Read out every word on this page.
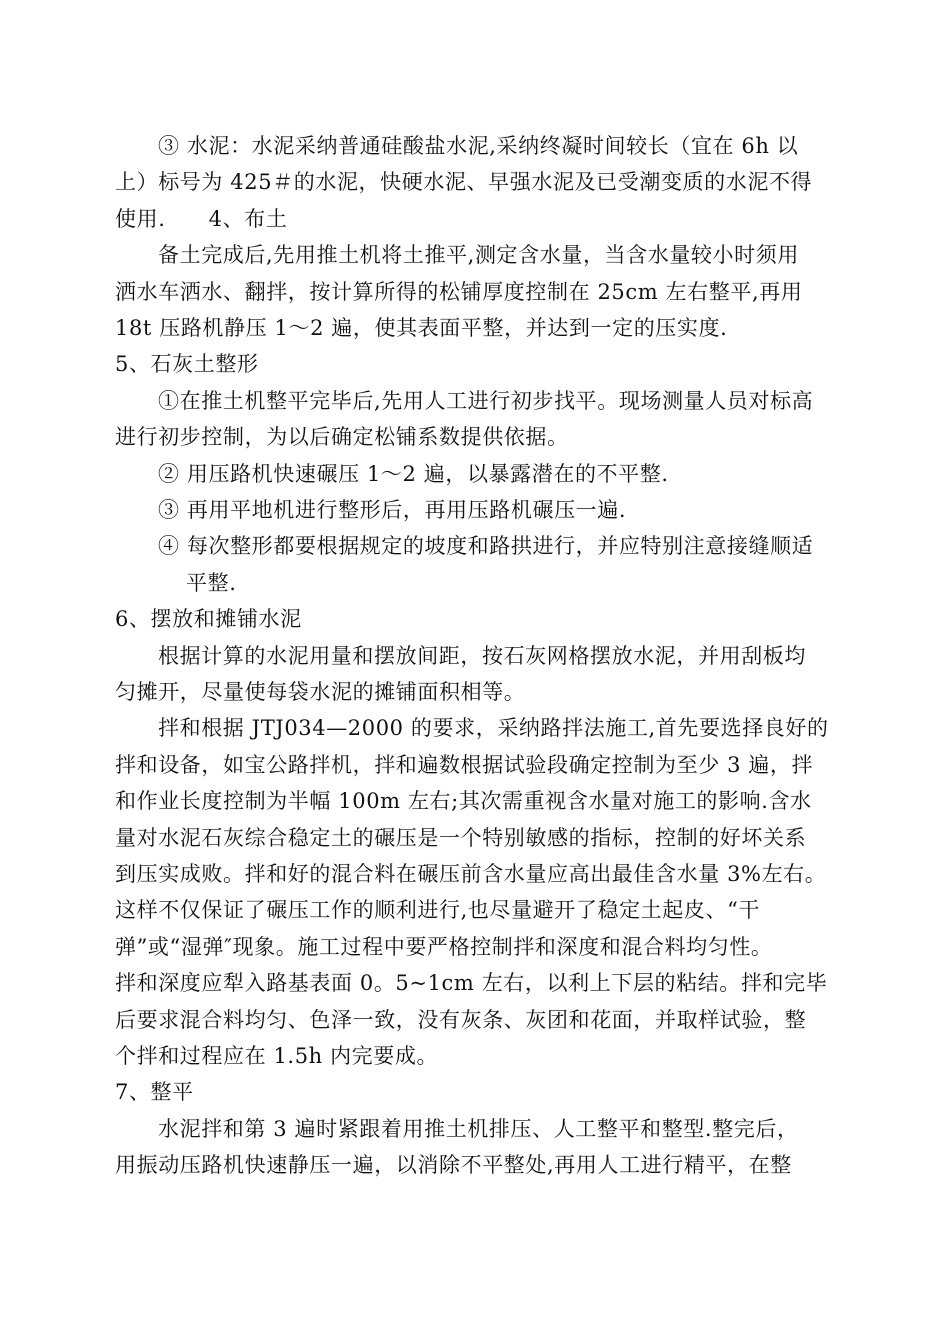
③ 水泥：水泥采纳普通硅酸盐水泥,采纳终凝时间较长（宜在 6h 以
上）标号为 425＃的水泥，快硬水泥、早强水泥及已受潮变质的水泥不得
使用.　　4、布土
备土完成后,先用推土机将土推平,测定含水量，当含水量较小时须用
洒水车洒水、翻拌，按计算所得的松铺厚度控制在 25cm 左右整平,再用
18t 压路机静压 1～2 遍，使其表面平整，并达到一定的压实度.
5、石灰土整形
①在推土机整平完毕后,先用人工进行初步找平。现场测量人员对标高
进行初步控制，为以后确定松铺系数提供依据。
② 用压路机快速碾压 1～2 遍，以暴露潜在的不平整.
③ 再用平地机进行整形后，再用压路机碾压一遍.
④ 每次整形都要根据规定的坡度和路拱进行，并应特别注意接缝顺适
平整.
6、摆放和摊铺水泥
根据计算的水泥用量和摆放间距，按石灰网格摆放水泥，并用刮板均
匀摊开，尽量使每袋水泥的摊铺面积相等。
拌和根据 JTJ034—2000 的要求，采纳路拌法施工,首先要选择良好的
拌和设备，如宝公路拌机，拌和遍数根据试验段确定控制为至少 3 遍，拌
和作业长度控制为半幅 100m 左右;其次需重视含水量对施工的影响.含水
量对水泥石灰综合稳定土的碾压是一个特别敏感的指标，控制的好坏关系
到压实成败。拌和好的混合料在碾压前含水量应高出最佳含水量 3%左右。
这样不仅保证了碾压工作的顺利进行,也尽量避开了稳定土起皮、“干
弹”或“湿弹″现象。施工过程中要严格控制拌和深度和混合料均匀性。
拌和深度应犁入路基表面 0。5~1cm 左右，以利上下层的粘结。拌和完毕
后要求混合料均匀、色泽一致，没有灰条、灰团和花面，并取样试验，整
个拌和过程应在 1.5h 内完要成。
7、整平
水泥拌和第 3 遍时紧跟着用推土机排压、人工整平和整型.整完后，
用振动压路机快速静压一遍，以消除不平整处,再用人工进行精平，在整
